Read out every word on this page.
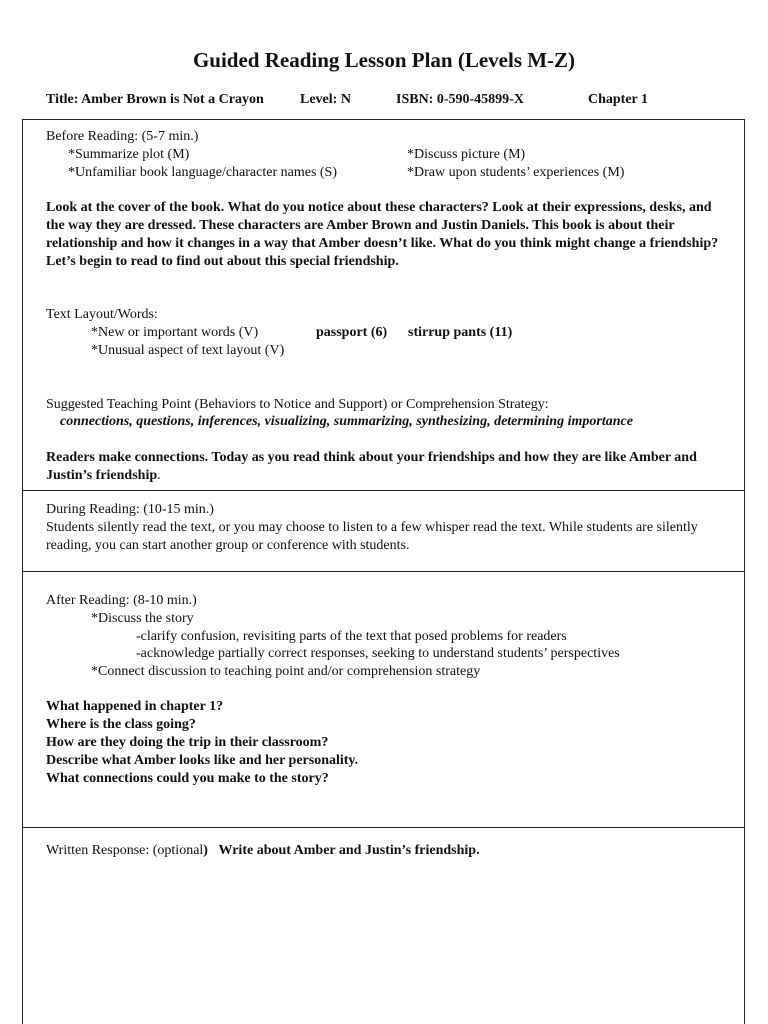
Guided Reading Lesson Plan (Levels M-Z)
Title: Amber Brown is Not a Crayon	Level: N	ISBN: 0-590-45899-X	Chapter 1
Before Reading: (5-7 min.)
*Summarize plot (M)
*Unfamiliar book language/character names (S)
*Discuss picture (M)
*Draw upon students’ experiences (M)
Look at the cover of the book. What do you notice about these characters? Look at their expressions, desks, and the way they are dressed. These characters are Amber Brown and Justin Daniels. This book is about their relationship and how it changes in a way that Amber doesn’t like. What do you think might change a friendship? Let’s begin to read to find out about this special friendship.
Text Layout/Words:
*New or important words (V)
*Unusual aspect of text layout (V)
passport (6) stirrup pants (11)
Suggested Teaching Point (Behaviors to Notice and Support) or Comprehension Strategy:
connections, questions, inferences, visualizing, summarizing, synthesizing, determining importance
Readers make connections. Today as you read think about your friendships and how they are like Amber and Justin’s friendship.
During Reading: (10-15 min.)
Students silently read the text, or you may choose to listen to a few whisper read the text. While students are silently reading, you can start another group or conference with students.
After Reading: (8-10 min.)
*Discuss the story
-clarify confusion, revisiting parts of the text that posed problems for readers
-acknowledge partially correct responses, seeking to understand students’ perspectives
*Connect discussion to teaching point and/or comprehension strategy
What happened in chapter 1?
Where is the class going?
How are they doing the trip in their classroom?
Describe what Amber looks like and her personality.
What connections could you make to the story?
Written Response: (optional) Write about Amber and Justin’s friendship.
